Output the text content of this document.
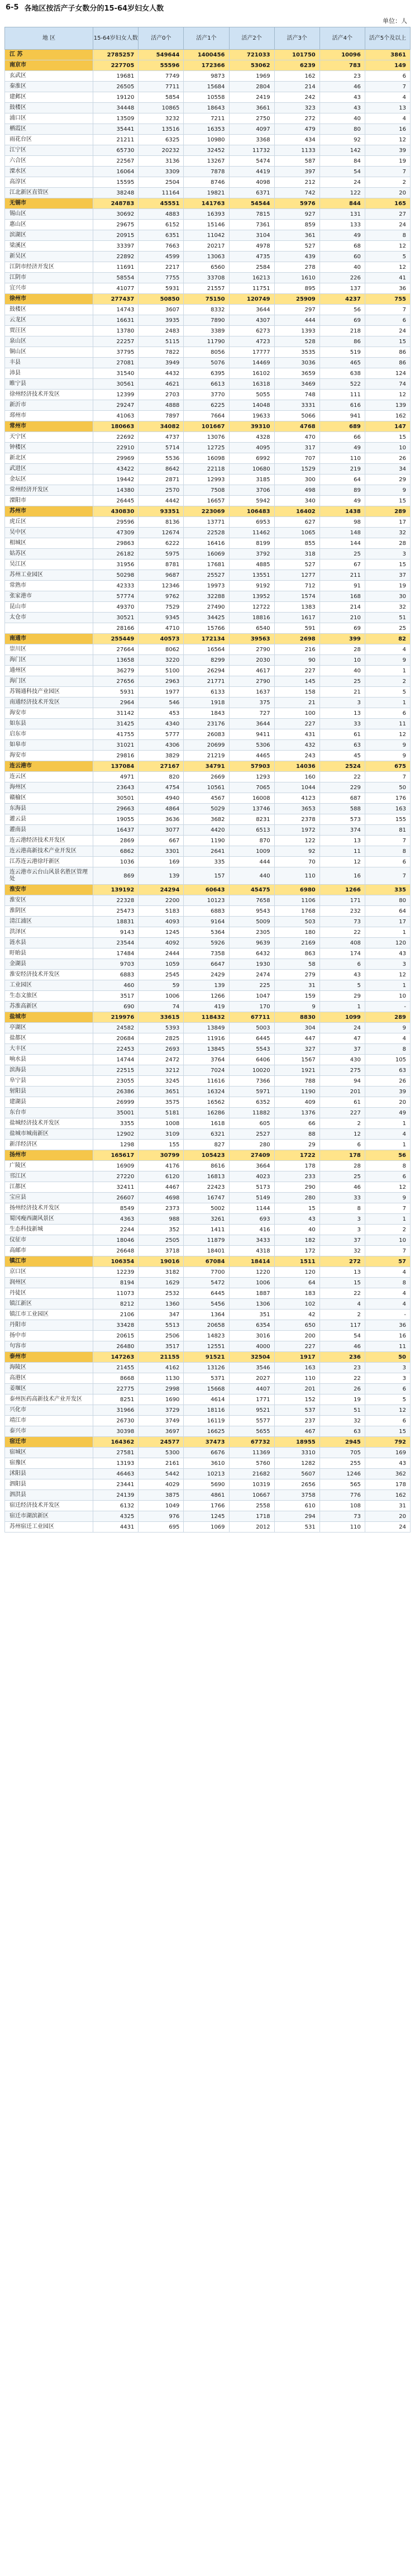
6-5 各地区按活产子女数分的15-64岁妇女人数
单位：人
地 区	15-64岁妇女人数	活产0个	活产1个	活产2个	活产3个	活产4个	活产5个及以上
江 苏	2785257	549644	1400456	721033	101750	10096	3861
南京市	227705	55596	172366	53062	6239	783	149
玄武区	19681	7749	9873	1969	162	23	6
秦淮区	26505	7711	15684	2804	214	46	7
建邺区	19120	5854	10558	2419	242	43	4
鼓楼区	34448	10865	18643	3661	323	43	13
浦口区	13509	3232	7211	2750	272	40	4
栖霞区	35441	13516	16353	4097	479	80	16
雨花台区	21211	6325	10980	3368	434	92	12
江宁区	65730	20232	32452	11732	1133	142	39
六合区	22567	3136	13267	5474	587	84	19
溧水区	16064	3309	7878	4419	397	54	7
高淳区	15595	2504	8746	4098	212	24	2
江北新区直管区	38248	11164	19821	6371	742	122	20
无锡市	248783	45551	141763	54544	5976	844	165
锡山区	30692	4883	16393	7815	927	131	27
惠山区	29675	6152	15146	7361	859	133	24
滨湖区	20915	6351	11042	3104	361	49	8
梁溪区	33397	7663	20217	4978	527	68	12
新吴区	22892	4599	13063	4735	439	60	5
江阴市经济开发区	11691	2217	6560	2584	278	40	12
江阴市	58554	7755	33708	16213	1610	226	41
宜兴市	41077	5931	21557	11751	895	137	36
徐州市	277437	50850	75150	120749	25909	4237	755
鼓楼区	14743	3607	8332	3644	297	56	7
云龙区	16631	3935	7890	4307	444	69	6
贾汪区	13780	2483	3389	6273	1393	218	24
泉山区	22257	5115	11790	4723	528	86	15
铜山区	37795	7822	8056	17777	3535	519	86
丰县	27081	3949	5076	14469	3036	465	86
沛县	31540	4432	6395	16102	3659	638	124
睢宁县	30561	4621	6613	16318	3469	522	74
徐州经济技术开发区	12399	2703	3770	5055	748	111	12
新沂市	29247	4888	6225	14048	3331	616	139
邳州市	41063	7897	7664	19633	5066	941	162
常州市	180663	34082	101667	39310	4768	689	147
天宁区	22692	4737	13076	4328	470	66	15
钟楼区	22910	5714	12725	4095	317	49	10
新北区	29969	5536	16098	6992	707	110	26
武进区	43422	8642	22118	10680	1529	219	34
金坛区	19442	2871	12993	3185	300	64	29
常州经济开发区	14380	2570	7508	3706	498	89	9
溧阳市	26445	4442	16657	5942	340	49	15
苏州市	430830	93351	223069	106483	16402	1438	289
虎丘区	29596	8136	13771	6953	627	98	17
吴中区	47309	12674	22528	11462	1065	148	32
相城区	29863	6222	16416	8199	855	144	28
姑苏区	26182	5975	16069	3792	318	25	3
吴江区	31956	8781	17681	4885	527	67	15
苏州工业园区	50298	9687	25527	13551	1277	211	37
常熟市	42333	12346	19973	9192	712	91	19
张家港市	57774	9762	32288	13952	1574	168	30
昆山市	49370	7529	27490	12722	1383	214	32
太仓市	30521	9345	34425	18816	1617	210	51
	28166	4710	15766	6540	591	69	25
南通市	255449	40573	172134	39563	2698	399	82
崇川区	27664	8062	16564	2790	216	28	4
海门区	13658	3220	8299	2030	90	10	9
通州区	36279	5100	26294	4617	227	40	1
海门区	27656	2963	21771	2790	145	25	2
苏锡通科技产业园区	5931	1977	6133	1637	158	21	5
南通经济技术开发区	2964	546	1918	375	21	3	1
海安市	31142	453	1843	727	100	13	6
如东县	31425	4340	23176	3644	227	33	11
启东市	41755	5777	26083	9411	431	61	12
如皋市	31021	4306	20699	5306	432	63	9
海安市	29816	3829	21219	4465	243	45	9
连云港市	137084	27167	34791	57903	14036	2524	675
连云区	4971	820	2669	1293	160	22	7
海州区	23643	4754	10561	7065	1044	229	50
赣榆区	30501	4940	4567	16008	4123	687	176
东海县	29663	4864	5029	13746	3653	588	163
灌云县	19055	3636	3682	8231	2378	573	155
灌南县	16437	3077	4420	6513	1972	374	81
连云港经济技术开发区	2869	667	1190	870	122	13	7
连云港高新技术产业开发区	6862	3301	2641	1009	92	11	8
江苏连云港徐圩新区	1036	169	335	444	70	12	6
连云港市云台山风景名胜区管理处	869	139	157	440	110	16	7
淮安市	139192	24294	60643	45475	6980	1266	335
淮安区	22328	2200	10123	7658	1106	171	80
淮阴区	25473	5183	6883	9543	1768	232	64
清江浦区	18831	4093	9164	5009	503	73	17
洪泽区	9143	1245	5364	2305	180	22	1
涟水县	23544	4092	5926	9639	2169	408	120
盱眙县	17484	2444	7358	6432	863	174	43
金湖县	9703	1059	6647	1930	58	6	3
淮安经济技术开发区	6883	2545	2429	2474	279	43	12
工业园区	460	59	139	225	31	5	1
生态文旅区	3517	1006	1266	1047	159	29	10
苏淮高新区	690	74	419	170	9	1	-
盐城市	219976	33615	118432	67711	8830	1099	289
亭湖区	24582	5393	13849	5003	304	24	9
盐都区	20684	2825	11916	6445	447	47	4
大丰区	22453	2693	13845	5543	327	37	8
响水县	14744	2472	3764	6406	1567	430	105
滨海县	22515	3212	7024	10020	1921	275	63
阜宁县	23055	3245	11616	7366	788	94	26
射阳县	26386	3651	16324	5971	1190	201	39
建湖县	26999	3575	16562	6352	409	61	20
东台市	35001	5181	16286	11882	1376	227	49
盐城经济技术开发区	3355	1008	1618	605	66	2	1
盐城市城南新区	12902	3109	6321	2527	88	12	4
新洋经济区	1298	155	827	280	29	6	1
扬州市	165617	30799	105423	27409	1722	178	56
广陵区	16909	4176	8616	3664	178	28	8
邗江区	27220	6120	16813	4023	233	25	6
江都区	32411	4467	22423	5173	290	46	12
宝应县	26607	4698	16747	5149	280	33	9
扬州经济技术开发区	8549	2373	5002	1144	15	8	7
蜀冈瘦西湖风景区	4363	988	3261	693	43	3	1
生态科技新城	2244	352	1411	416	40	3	2
仪征市	18046	2505	11879	3433	182	37	10
高邮市	26648	3718	18401	4318	172	32	7
镇江市	106354	19016	67084	18414	1511	272	57
京口区	12239	3182	7700	1220	120	13	4
润州区	8194	1629	5472	1006	64	15	8
丹徒区	11073	2532	6445	1887	183	22	4
镇江新区	8212	1360	5456	1306	102	4	4
镇江市工业园区	2106	347	1364	351	42	2	-
丹阳市	33428	5513	20658	6354	650	117	36
扬中市	20615	2506	14823	3016	200	54	16
句容市	26480	3517	12551	4000	227	46	11
泰州市	147263	21155	91521	32504	1917	236	50
海陵区	21455	4162	13126	3546	163	23	3
高港区	8668	1130	5371	2027	110	22	3
姜堰区	22775	2998	15668	4407	201	26	6
泰州医药高新技术产业开发区	8251	1690	4614	1771	152	19	5
兴化市	31966	3729	18116	9521	537	51	12
靖江市	26730	3749	16119	5577	237	32	6
泰兴市	30398	3697	16625	5655	467	63	15
宿迁市	164362	24577	37473	67732	18955	2945	792
宿城区	27581	5300	6676	11369	3310	705	169
宿豫区	13193	2161	3610	5760	1282	255	43
沭阳县	46463	5442	10213	21682	5607	1246	362
泗阳县	23441	4029	5690	10319	2656	565	178
泗洪县	24139	3875	4861	10667	3758	776	162
宿迁经济技术开发区	6132	1049	1766	2558	610	108	31
宿迁市湖滨新区	4325	976	1245	1718	294	73	20
苏州宿迁工业园区	4431	695	1069	2012	531	110	24
